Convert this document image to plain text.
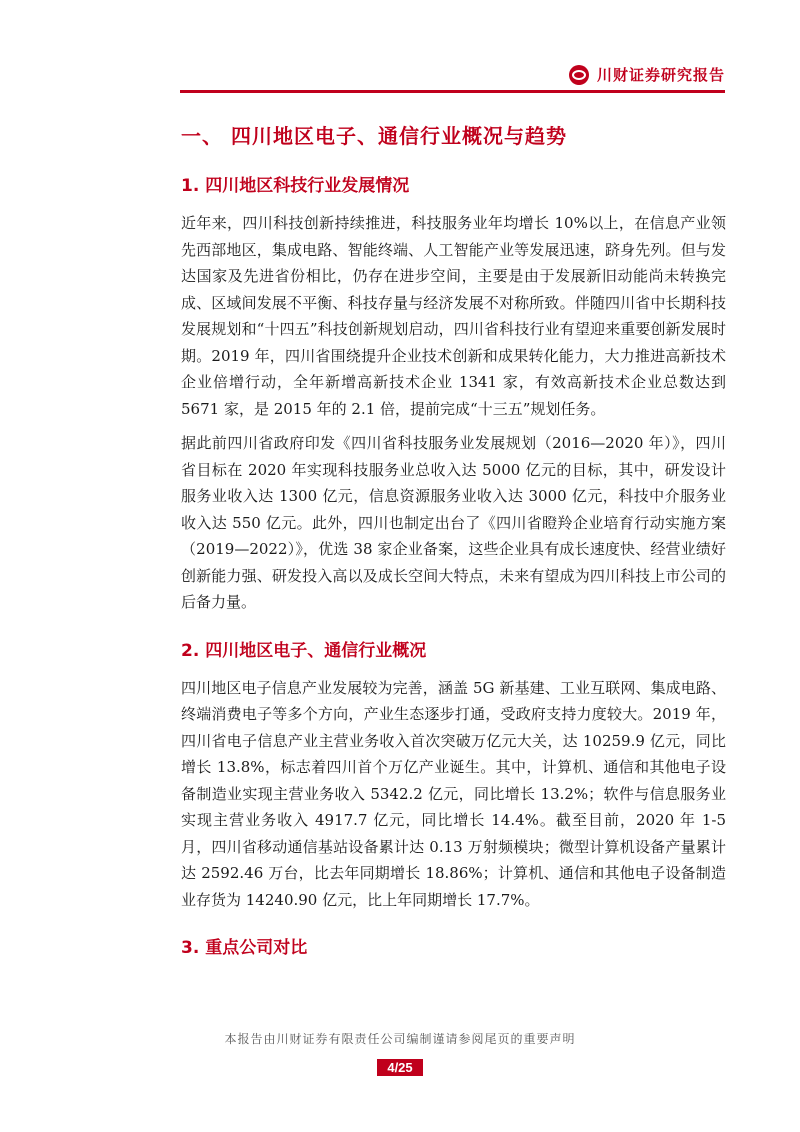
川财证券研究报告
一、 四川地区电子、通信行业概况与趋势
1. 四川地区科技行业发展情况

近年来，四川科技创新持续推进，科技服务业年均增长 10%以上，在信息产业领先西部地区，集成电路、智能终端、人工智能产业等发展迅速，跻身先列。但与发达国家及先进省份相比，仍存在进步空间，主要是由于发展新旧动能尚未转换完成、区域间发展不平衡、科技存量与经济发展不对称所致。伴随四川省中长期科技发展规划和“十四五”科技创新规划启动，四川省科技行业有望迎来重要创新发展时期。2019 年，四川省围绕提升企业技术创新和成果转化能力，大力推进高新技术企业倍增行动，全年新增高新技术企业 1341 家，有效高新技术企业总数达到 5671 家，是 2015 年的 2.1 倍，提前完成“十三五”规划任务。

据此前四川省政府印发《四川省科技服务业发展规划（2016—2020 年）》，四川省目标在 2020 年实现科技服务业总收入达 5000 亿元的目标，其中，研发设计服务业收入达 1300 亿元，信息资源服务业收入达 3000 亿元，科技中介服务业收入达 550 亿元。此外，四川也制定出台了《四川省瞪羚企业培育行动实施方案（2019—2022）》，优选 38 家企业备案，这些企业具有成长速度快、经营业绩好创新能力强、研发投入高以及成长空间大特点，未来有望成为四川科技上市公司的后备力量。

2. 四川地区电子、通信行业概况

四川地区电子信息产业发展较为完善，涵盖 5G 新基建、工业互联网、集成电路、终端消费电子等多个方向，产业生态逐步打通，受政府支持力度较大。2019 年，四川省电子信息产业主营业务收入首次突破万亿元大关，达 10259.9 亿元，同比增长 13.8%，标志着四川首个万亿产业诞生。其中，计算机、通信和其他电子设备制造业实现主营业务收入 5342.2 亿元，同比增长 13.2%；软件与信息服务业实现主营业务收入 4917.7 亿元，同比增长 14.4%。截至目前，2020 年 1-5 月，四川省移动通信基站设备累计达 0.13 万射频模块；微型计算机设备产量累计达 2592.46 万台，比去年同期增长 18.86%；计算机、通信和其他电子设备制造业存货为 14240.90 亿元，比上年同期增长 17.7%。

3. 重点公司对比
本报告由川财证券有限责任公司编制谨请参阅尾页的重要声明
4/25
